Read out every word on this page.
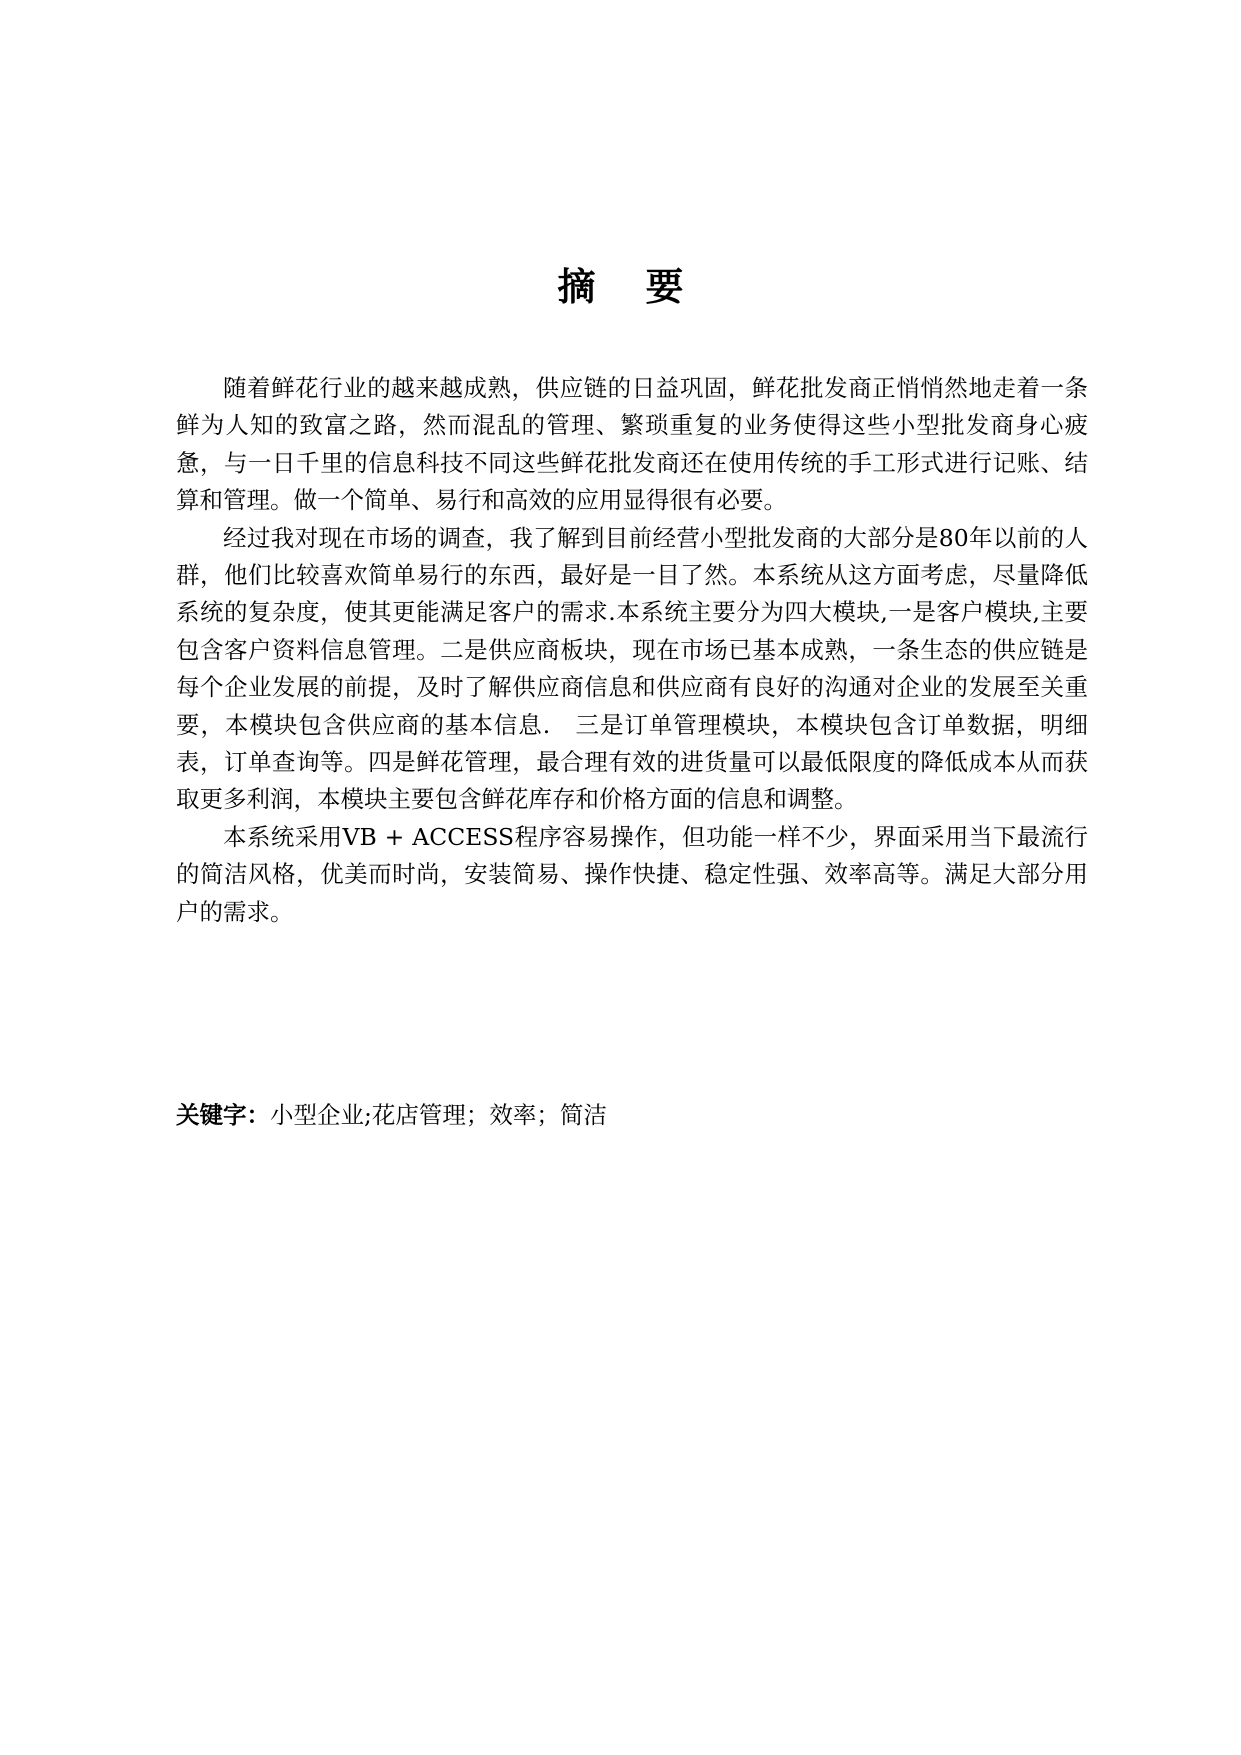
摘要

随着鲜花行业的越来越成熟，供应链的日益巩固，鲜花批发商正悄悄然地走着一条鲜为人知的致富之路，然而混乱的管理、繁琐重复的业务使得这些小型批发商身心疲惫，与一日千里的信息科技不同这些鲜花批发商还在使用传统的手工形式进行记账、结算和管理。做一个简单、易行和高效的应用显得很有必要。

经过我对现在市场的调查，我了解到目前经营小型批发商的大部分是80年以前的人群，他们比较喜欢简单易行的东西，最好是一目了然。本系统从这方面考虑，尽量降低系统的复杂度，使其更能满足客户的需求.本系统主要分为四大模块,一是客户模块,主要包含客户资料信息管理。二是供应商板块，现在市场已基本成熟，一条生态的供应链是每个企业发展的前提，及时了解供应商信息和供应商有良好的沟通对企业的发展至关重要，本模块包含供应商的基本信息.　三是订单管理模块，本模块包含订单数据，明细表，订单查询等。四是鲜花管理，最合理有效的进货量可以最低限度的降低成本从而获取更多利润，本模块主要包含鲜花库存和价格方面的信息和调整。

本系统采用VB + ACCESS程序容易操作，但功能一样不少，界面采用当下最流行的简洁风格，优美而时尚，安装简易、操作快捷、稳定性强、效率高等。满足大部分用户的需求。

关键字：小型企业;花店管理；效率；简洁
